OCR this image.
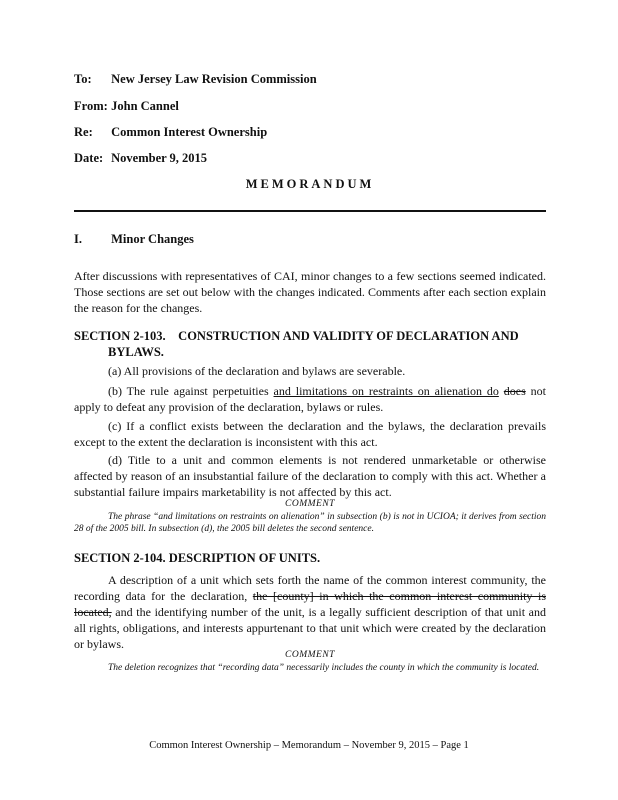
To: New Jersey Law Revision Commission
From: John Cannel
Re: Common Interest Ownership
Date: November 9, 2015
MEMORANDUM
I. Minor Changes
After discussions with representatives of CAI, minor changes to a few sections seemed indicated. Those sections are set out below with the changes indicated. Comments after each section explain the reason for the changes.
SECTION 2-103.    CONSTRUCTION AND VALIDITY OF DECLARATION AND
BYLAWS.
(a) All provisions of the declaration and bylaws are severable.
(b) The rule against perpetuities and limitations on restraints on alienation do does not apply to defeat any provision of the declaration, bylaws or rules.
(c) If a conflict exists between the declaration and the bylaws, the declaration prevails except to the extent the declaration is inconsistent with this act.
(d) Title to a unit and common elements is not rendered unmarketable or otherwise affected by reason of an insubstantial failure of the declaration to comply with this act. Whether a substantial failure impairs marketability is not affected by this act.
COMMENT
The phrase “and limitations on restraints on alienation” in subsection (b) is not in UCIOA; it derives from section 28 of the 2005 bill. In subsection (d), the 2005 bill deletes the second sentence.
SECTION 2-104. DESCRIPTION OF UNITS.
A description of a unit which sets forth the name of the common interest community, the recording data for the declaration, the [county] in which the common interest community is located, and the identifying number of the unit, is a legally sufficient description of that unit and all rights, obligations, and interests appurtenant to that unit which were created by the declaration or bylaws.
COMMENT
The deletion recognizes that “recording data” necessarily includes the county in which the community is located.
Common Interest Ownership – Memorandum – November 9, 2015 – Page 1
